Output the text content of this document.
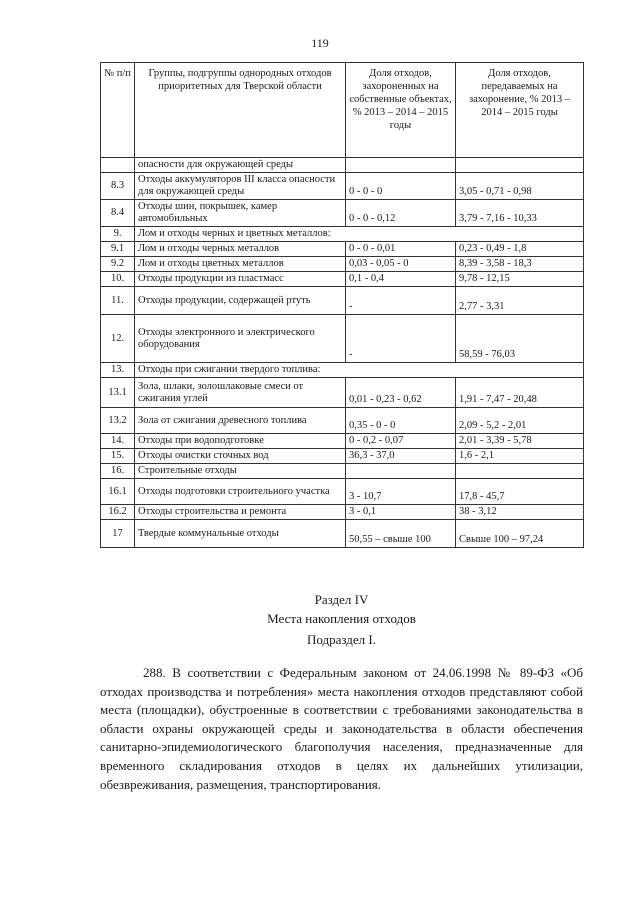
119
№ п/п	Группы, подгруппы однородных отходов приоритетных для Тверской области	Доля отходов, захороненных на собственные объектах, % 2013 – 2014 – 2015 годы	Доля отходов, передаваемых на захоронение, % 2013 – 2014 – 2015 годы
	опасности для окружающей среды		
8.3	Отходы аккумуляторов III класса опасности для окружающей среды	0 - 0 - 0	3,05 - 0,71 - 0,98
8.4	Отходы шин, покрышек, камер автомобильных	0 - 0 - 0,12	3,79 - 7,16 - 10,33
9.	Лом и отходы черных и цветных металлов:		
9.1	Лом и отходы черных металлов	0 - 0 - 0,01	0,23 - 0,49 - 1,8
9.2	Лом и отходы цветных металлов	0,03 - 0,05 - 0	8,39 - 3,58 - 18,3
10.	Отходы продукции из пластмасс	0,1 - 0,4	9,78 - 12,15
11.	Отходы продукции, содержащей ртуть	-	2,77 - 3,31
12.	Отходы электронного и электрического оборудования	-	58,59 - 76,03
13.	Отходы при сжигании твердого топлива:		
13.1	Зола, шлаки, золошлаковые смеси от сжигания углей	0,01 - 0,23 - 0,62	1,91 - 7,47 - 20,48
13.2	Зола от сжигания древесного топлива	0,35 - 0 - 0	2,09 - 5,2 - 2,01
14.	Отходы при водоподготовке	0 - 0,2 - 0,07	2,01 - 3,39 - 5,78
15.	Отходы очистки сточных вод	36,3 - 37,0	1,6 - 2,1
16.	Строительные отходы		
16.1	Отходы подготовки строительного участка	3 - 10,7	17,8 - 45,7
16.2	Отходы строительства и ремонта	3 - 0,1	38 - 3,12
17	Твердые коммунальные отходы	50,55 – свыше 100	Свыше 100 – 97,24
Раздел IV
Места накопления отходов
Подраздел I.

288. В соответствии с Федеральным законом от 24.06.1998 № 89-ФЗ «Об отходах производства и потребления» места накопления отходов представляют собой места (площадки), обустроенные в соответствии с требованиями законодательства в области охраны окружающей среды и законодательства в области обеспечения санитарно-эпидемиологического благополучия населения, предназначенные для временного складирования отходов в целях их дальнейших утилизации, обезвреживания, размещения, транспортирования.
